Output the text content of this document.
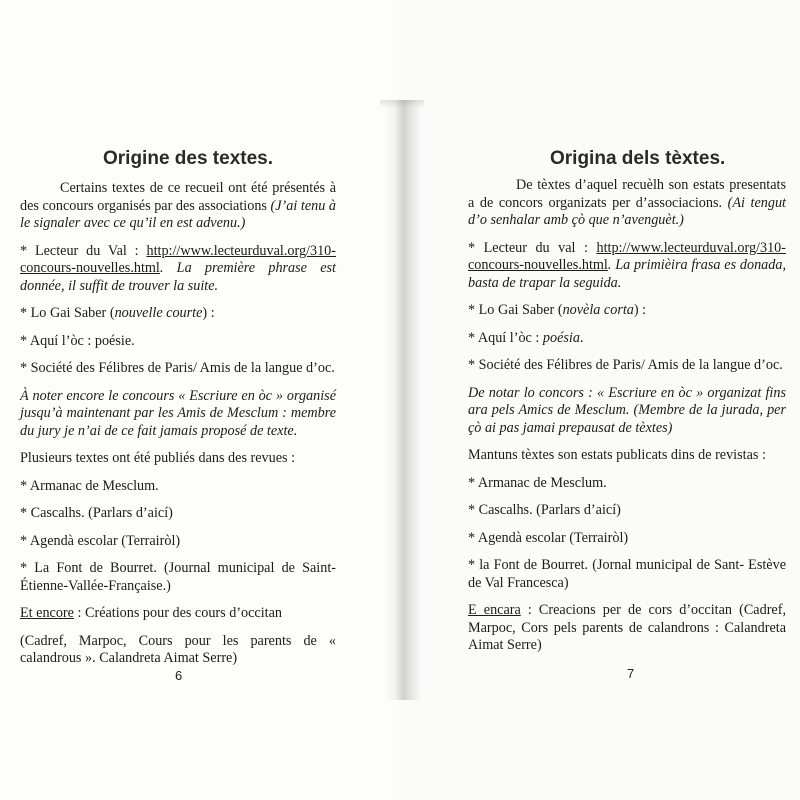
Origine des textes.

Certains textes de ce recueil ont été présentés à des concours organisés par des associations (J’ai tenu à le signaler avec ce qu’il en est advenu.)

* Lecteur du Val : http://www.lecteurduval.org/310-concours-nouvelles.html. La première phrase est donnée, il suffit de trouver la suite.

* Lo Gai Saber (nouvelle courte) :

* Aquí l’òc : poésie.

* Société des Félibres de Paris/ Amis de la langue d’oc.

À noter encore le concours « Escriure en òc » organisé jusqu’à maintenant par les Amis de Mesclum : membre du jury je n’ai de ce fait jamais proposé de texte.

Plusieurs textes ont été publiés dans des revues :

* Armanac de Mesclum.

* Cascalhs. (Parlars d’aicí)

* Agendà escolar (Terrairòl)

* La Font de Bourret. (Journal municipal de Saint-Étienne-Vallée-Française.)

Et encore : Créations pour des cours d’occitan

(Cadref, Marpoc, Cours pour les parents de « calandrous ». Calandreta Aimat Serre)

6
Origina dels tèxtes.

De tèxtes d’aquel recuèlh son estats presentats a de concors organizats per d’associacions. (Ai tengut d’o senhalar amb çò que n’avenguèt.)

* Lecteur du val : http://www.lecteurduval.org/310-concours-nouvelles.html. La primièira frasa es donada, basta de trapar la seguida.

* Lo Gai Saber (novèla corta) :

* Aquí l’òc : poésia.

* Société des Félibres de Paris/ Amis de la langue d’oc.

De notar lo concors : « Escriure en òc » organizat fins ara pels Amics de Mesclum. (Membre de la jurada, per çò ai pas jamai prepausat de tèxtes)

Mantuns tèxtes son estats publicats dins de revistas :

* Armanac de Mesclum.

* Cascalhs. (Parlars d’aicí)

* Agendà escolar (Terrairòl)

* la Font de Bourret. (Jornal municipal de Sant- Estève de Val Francesca)

E encara : Creacions per de cors d’occitan (Cadref, Marpoc, Cors pels parents de calandrons : Calandreta Aimat Serre)

7
